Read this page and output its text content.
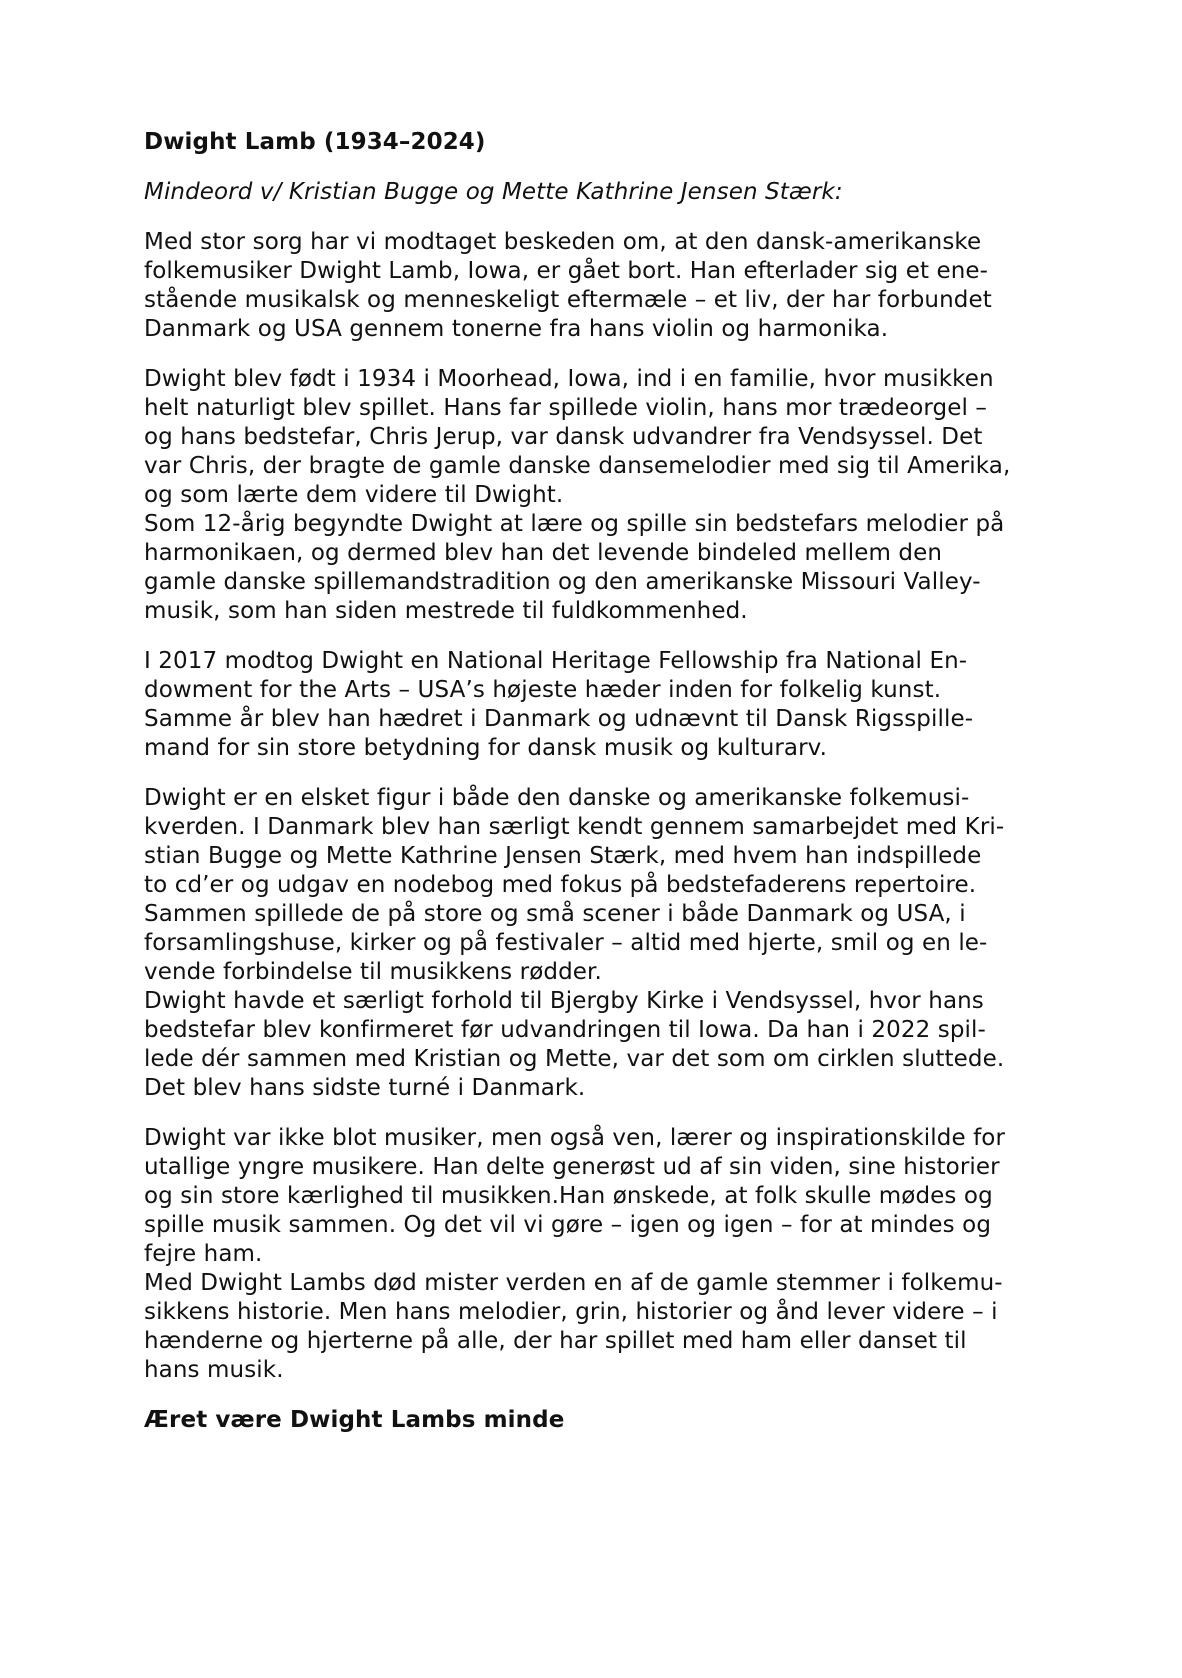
Dwight Lamb (1934–2024)
Mindeord v/ Kristian Bugge og Mette Kathrine Jensen Stærk:
Med stor sorg har vi modtaget beskeden om, at den dansk-amerikanske
folkemusiker Dwight Lamb, Iowa, er gået bort. Han efterlader sig et ene-
stående musikalsk og menneskeligt eftermæle – et liv, der har forbundet
Danmark og USA gennem tonerne fra hans violin og harmonika.
Dwight blev født i 1934 i Moorhead, Iowa, ind i en familie, hvor musikken
helt naturligt blev spillet. Hans far spillede violin, hans mor trædeorgel –
og hans bedstefar, Chris Jerup, var dansk udvandrer fra Vendsyssel. Det
var Chris, der bragte de gamle danske dansemelodier med sig til Amerika,
og som lærte dem videre til Dwight.
Som 12-årig begyndte Dwight at lære og spille sin bedstefars melodier på
harmonikaen, og dermed blev han det levende bindeled mellem den
gamle danske spillemandstradition og den amerikanske Missouri Valley-
musik, som han siden mestrede til fuldkommenhed.
I 2017 modtog Dwight en National Heritage Fellowship fra National En-
dowment for the Arts – USA’s højeste hæder inden for folkelig kunst.
Samme år blev han hædret i Danmark og udnævnt til Dansk Rigsspille-
mand for sin store betydning for dansk musik og kulturarv.
Dwight er en elsket figur i både den danske og amerikanske folkemusi-
kverden. I Danmark blev han særligt kendt gennem samarbejdet med Kri-
stian Bugge og Mette Kathrine Jensen Stærk, med hvem han indspillede
to cd’er og udgav en nodebog med fokus på bedstefaderens repertoire.
Sammen spillede de på store og små scener i både Danmark og USA, i
forsamlingshuse, kirker og på festivaler – altid med hjerte, smil og en le-
vende forbindelse til musikkens rødder.
Dwight havde et særligt forhold til Bjergby Kirke i Vendsyssel, hvor hans
bedstefar blev konfirmeret før udvandringen til Iowa. Da han i 2022 spil-
lede dér sammen med Kristian og Mette, var det som om cirklen sluttede.
Det blev hans sidste turné i Danmark.
Dwight var ikke blot musiker, men også ven, lærer og inspirationskilde for
utallige yngre musikere. Han delte generøst ud af sin viden, sine historier
og sin store kærlighed til musikken.Han ønskede, at folk skulle mødes og
spille musik sammen. Og det vil vi gøre – igen og igen – for at mindes og
fejre ham.
Med Dwight Lambs død mister verden en af de gamle stemmer i folkemu-
sikkens historie. Men hans melodier, grin, historier og ånd lever videre – i
hænderne og hjerterne på alle, der har spillet med ham eller danset til
hans musik.
Æret være Dwight Lambs minde
